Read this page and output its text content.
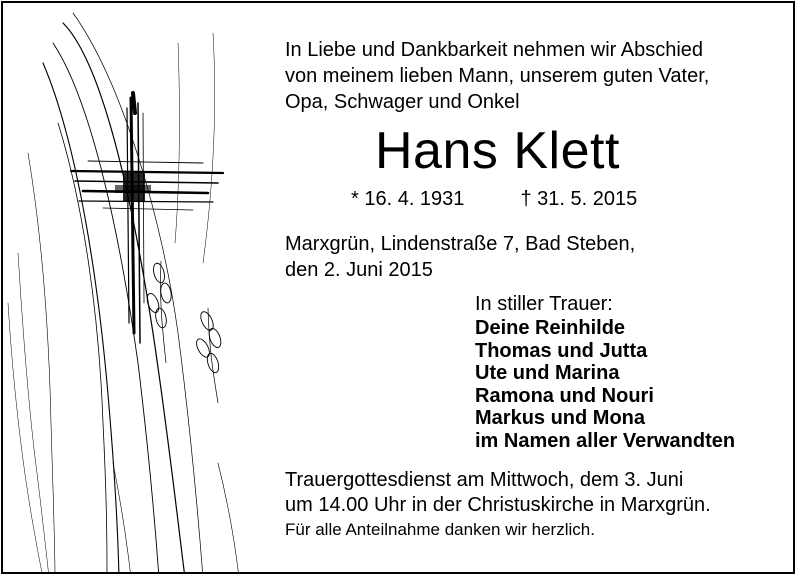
In Liebe und Dankbarkeit nehmen wir Abschied
von meinem lieben Mann, unserem guten Vater,
Opa, Schwager und Onkel
Hans Klett
* 16. 4. 1931	† 31. 5. 2015
Marxgrün, Lindenstraße 7, Bad Steben,
den 2. Juni 2015
In stiller Trauer:
Deine Reinhilde
Thomas und Jutta
Ute und Marina
Ramona und Nouri
Markus und Mona
im Namen aller Verwandten
Trauergottesdienst am Mittwoch, dem 3. Juni
um 14.00 Uhr in der Christuskirche in Marxgrün.
Für alle Anteilnahme danken wir herzlich.
